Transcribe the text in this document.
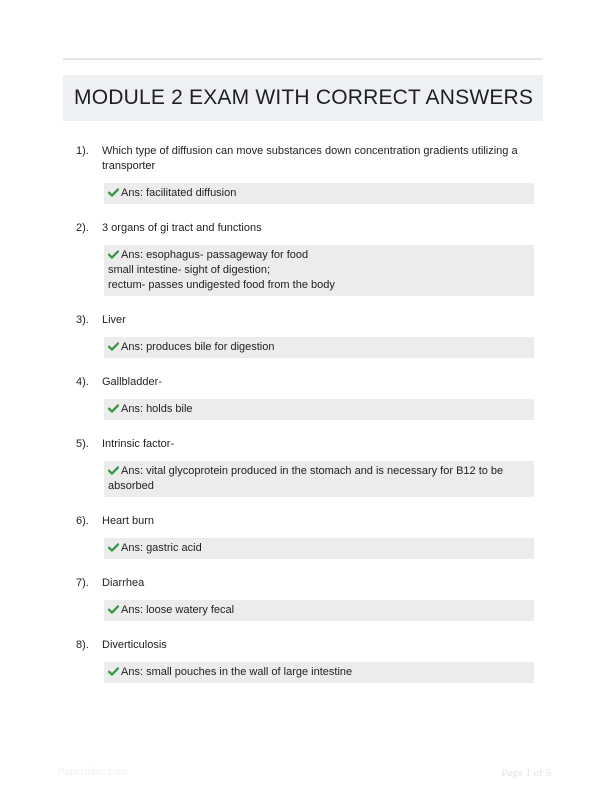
MODULE 2 EXAM WITH CORRECT ANSWERS
1).	Which type of diffusion can move substances down concentration gradients utilizing a transporter
Ans: facilitated diffusion
2).	3 organs of gi tract and functions
Ans: esophagus- passageway for food
small intestine- sight of digestion;
rectum- passes undigested food from the body
3).	Liver
Ans: produces bile for digestion
4).	Gallbladder-
Ans: holds bile
5).	Intrinsic factor-
Ans: vital glycoprotein produced in the stomach and is necessary for B12 to be absorbed
6).	Heart burn
Ans: gastric acid
7).	Diarrhea
Ans: loose watery fecal
8).	Diverticulosis
Ans: small pouches in the wall of large intestine
Paperbibic.com	Page 1 of 5
